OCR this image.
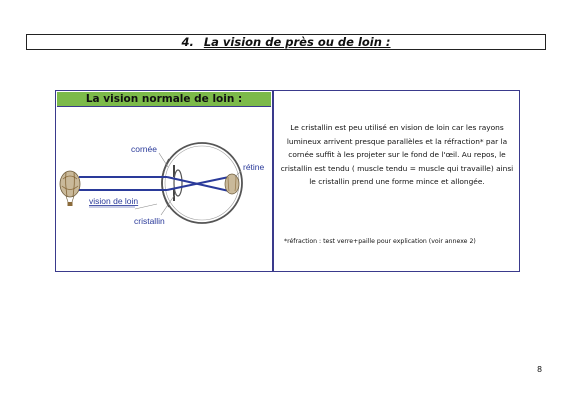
4. La vision de près ou de loin :
La vision normale de loin :
cornée
rétine
vision de loin
cristallin
Le cristallin est peu utilisé en vision de loin car les rayons lumineux arrivent presque parallèles et la réfraction* par la cornée suffit à les projeter sur le fond de l'œil. Au repos, le cristallin est tendu ( muscle tendu = muscle qui travaille) ainsi le cristallin prend une forme mince et allongée.
*réfraction : test verre+paille pour explication (voir annexe 2)
8
